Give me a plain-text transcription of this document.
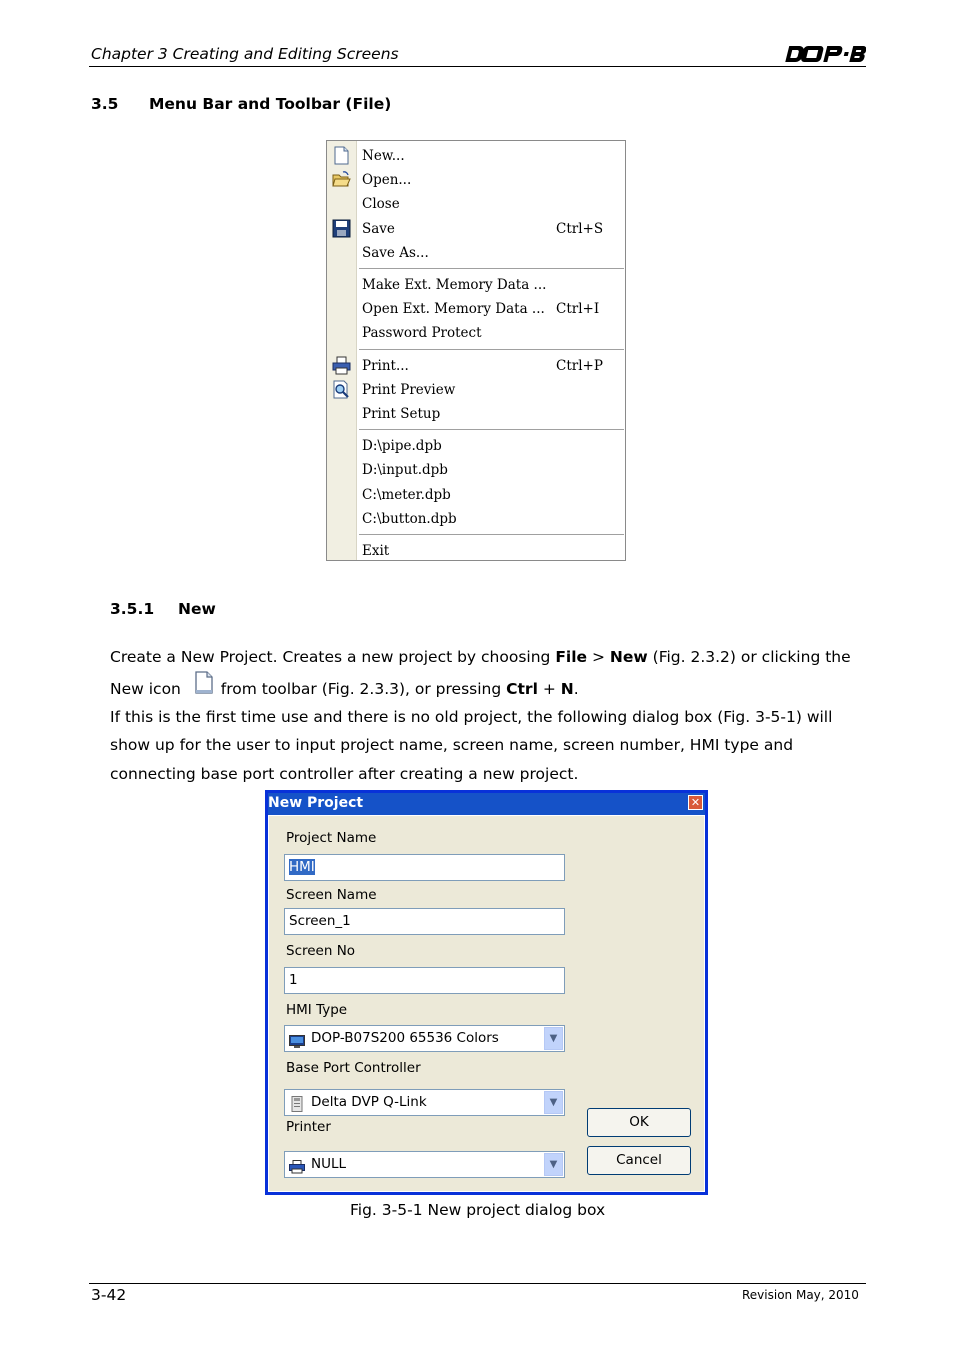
Chapter 3 Creating and Editing Screens
3.5 Menu Bar and Toolbar (File)
New...
Open...
Close
Save	Ctrl+S
Save As...
Make Ext. Memory Data ...
Open Ext. Memory Data ... Ctrl+I
Password Protect
Print...	Ctrl+P
Print Preview
Print Setup
D:\pipe.dpb
D:\input.dpb
C:\meter.dpb
C:\button.dpb
Exit
3.5.1 New
Create a New Project. Creates a new project by choosing File > New (Fig. 2.3.2) or clicking the
New icon  from toolbar (Fig. 2.3.3), or pressing Ctrl + N.
If this is the first time use and there is no old project, the following dialog box (Fig. 3-5-1) will
show up for the user to input project name, screen name, screen number, HMI type and
connecting base port controller after creating a new project.
New Project	✕
Project Name
HMI
Screen Name
Screen_1
Screen No
1
HMI Type
DOP-B07S200 65536 Colors	▼
Base Port Controller
Delta DVP Q-Link	▼
Printer
NULL	▼
OK
Cancel
Fig. 3-5-1 New project dialog box
3-42	Revision May, 2010
